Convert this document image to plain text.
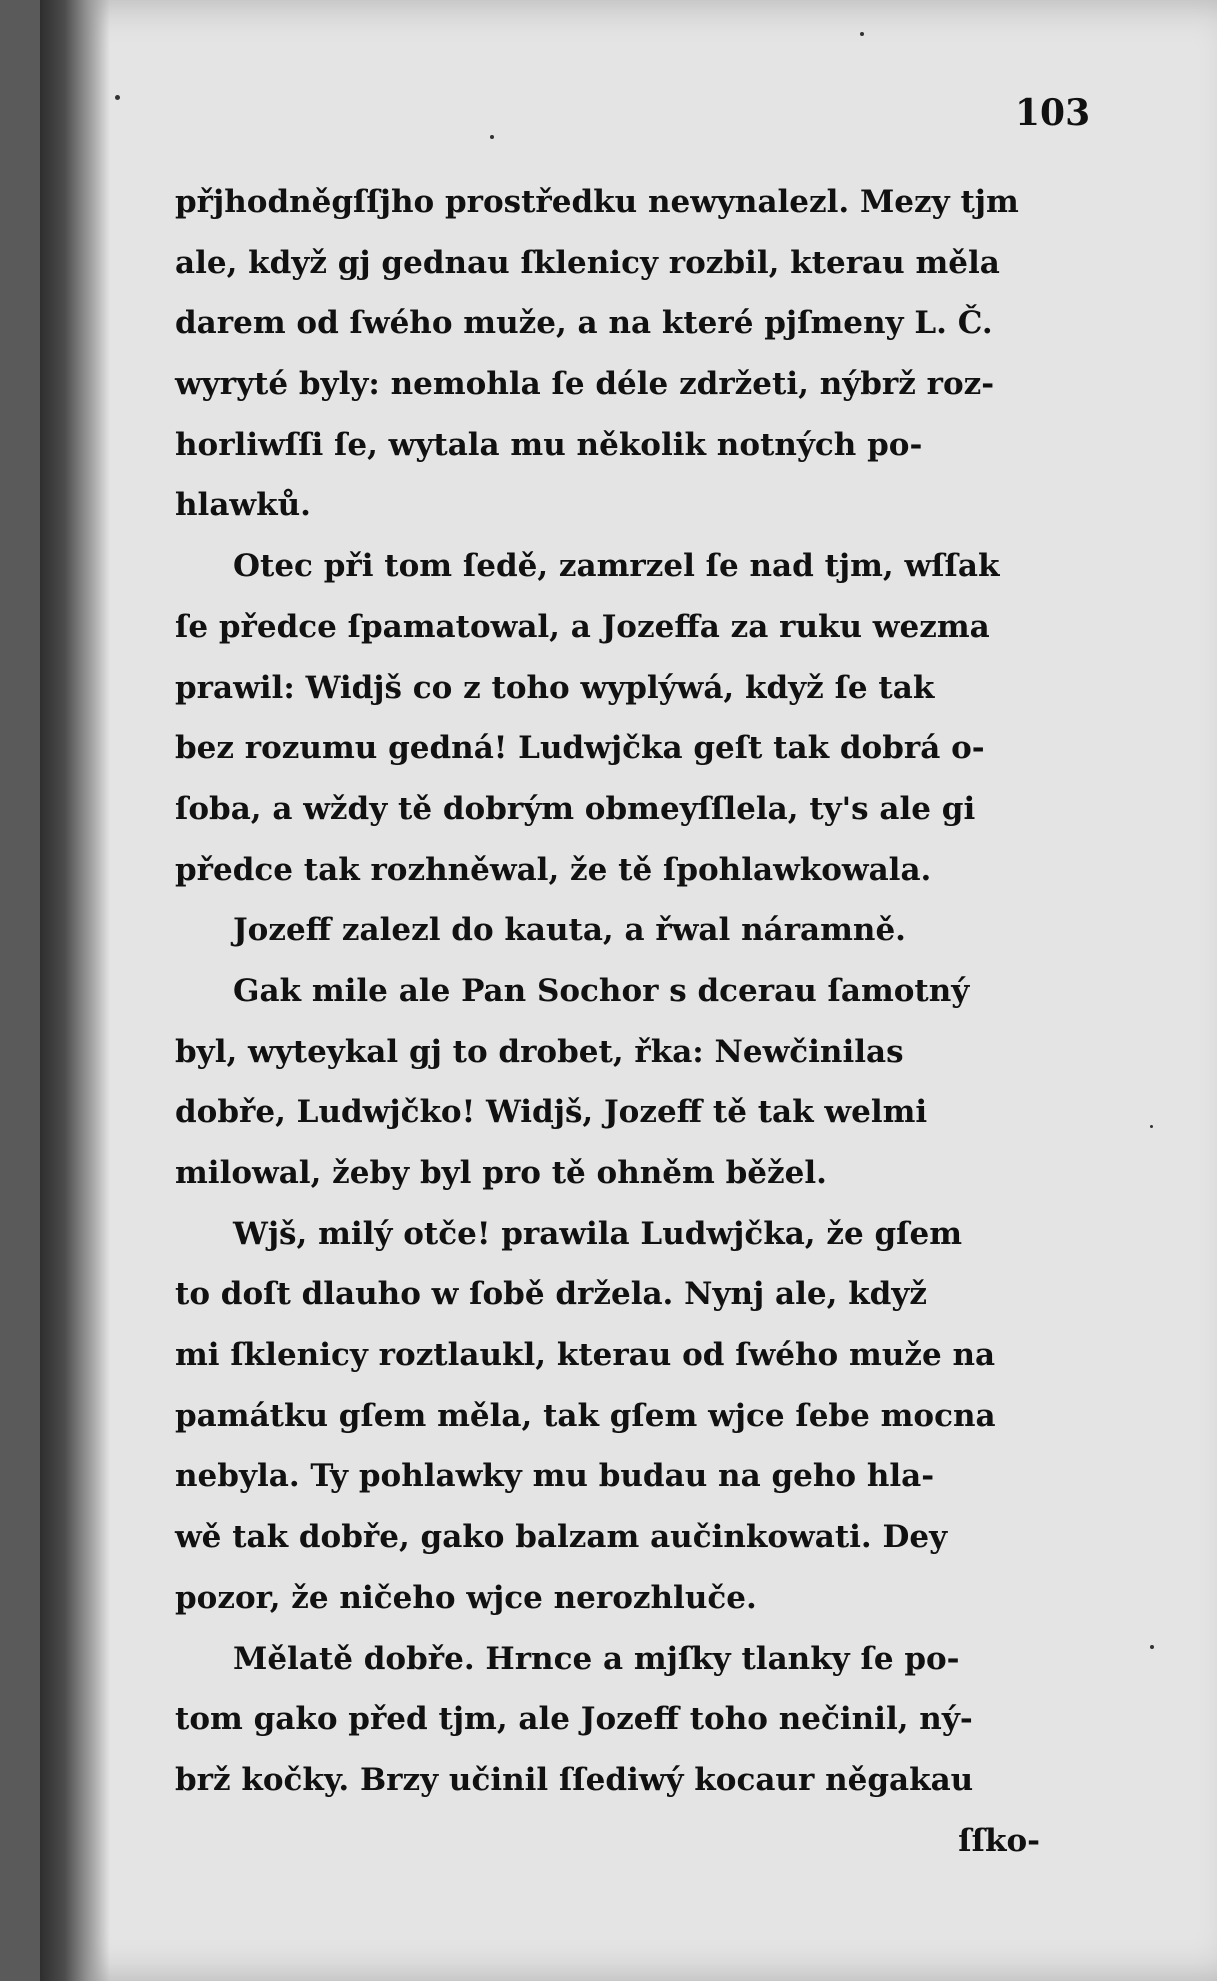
103
přjhodněgſſjho prostředku newynalezl. Mezy tjm
ale, když gj gednau ſklenicy rozbil, kterau měla
darem od ſwého muže, a na které pjſmeny L. Č.
wyryté byly: nemohla ſe déle zdržeti, nýbrž roz-
horliwſſi ſe, wytala mu několik notných po-
hlawků.
Otec při tom ſedě, zamrzel ſe nad tjm, wſſak
ſe předce ſpamatowal, a Jozeffa za ruku wezma
prawil: Widjš co z toho wyplýwá, když ſe tak
bez rozumu gedná! Ludwjčka geſt tak dobrá o-
ſoba, a wždy tě dobrým obmeyſſlela, ty's ale gi
předce tak rozhněwal, že tě ſpohlawkowala.
Jozeff zalezl do kauta, a řwal náramně.
Gak mile ale Pan Sochor s dcerau ſamotný
byl, wyteykal gj to drobet, řka: Newčinilas
dobře, Ludwjčko! Widjš, Jozeff tě tak welmi
milowal, žeby byl pro tě ohněm běžel.
Wjš, milý otče! prawila Ludwjčka, že gſem
to doſt dlauho w ſobě držela. Nynj ale, když
mi ſklenicy roztlaukl, kterau od ſwého muže na
památku gſem měla, tak gſem wjce ſebe mocna
nebyla. Ty pohlawky mu budau na geho hla-
wě tak dobře, gako balzam aučinkowati. Dey
pozor, že ničeho wjce nerozhluče.
Mělatě dobře. Hrnce a mjſky tlanky ſe po-
tom gako před tjm, ale Jozeff toho nečinil, ný-
brž kočky. Brzy učinil ſſediwý kocaur něgakau
ſſko-
